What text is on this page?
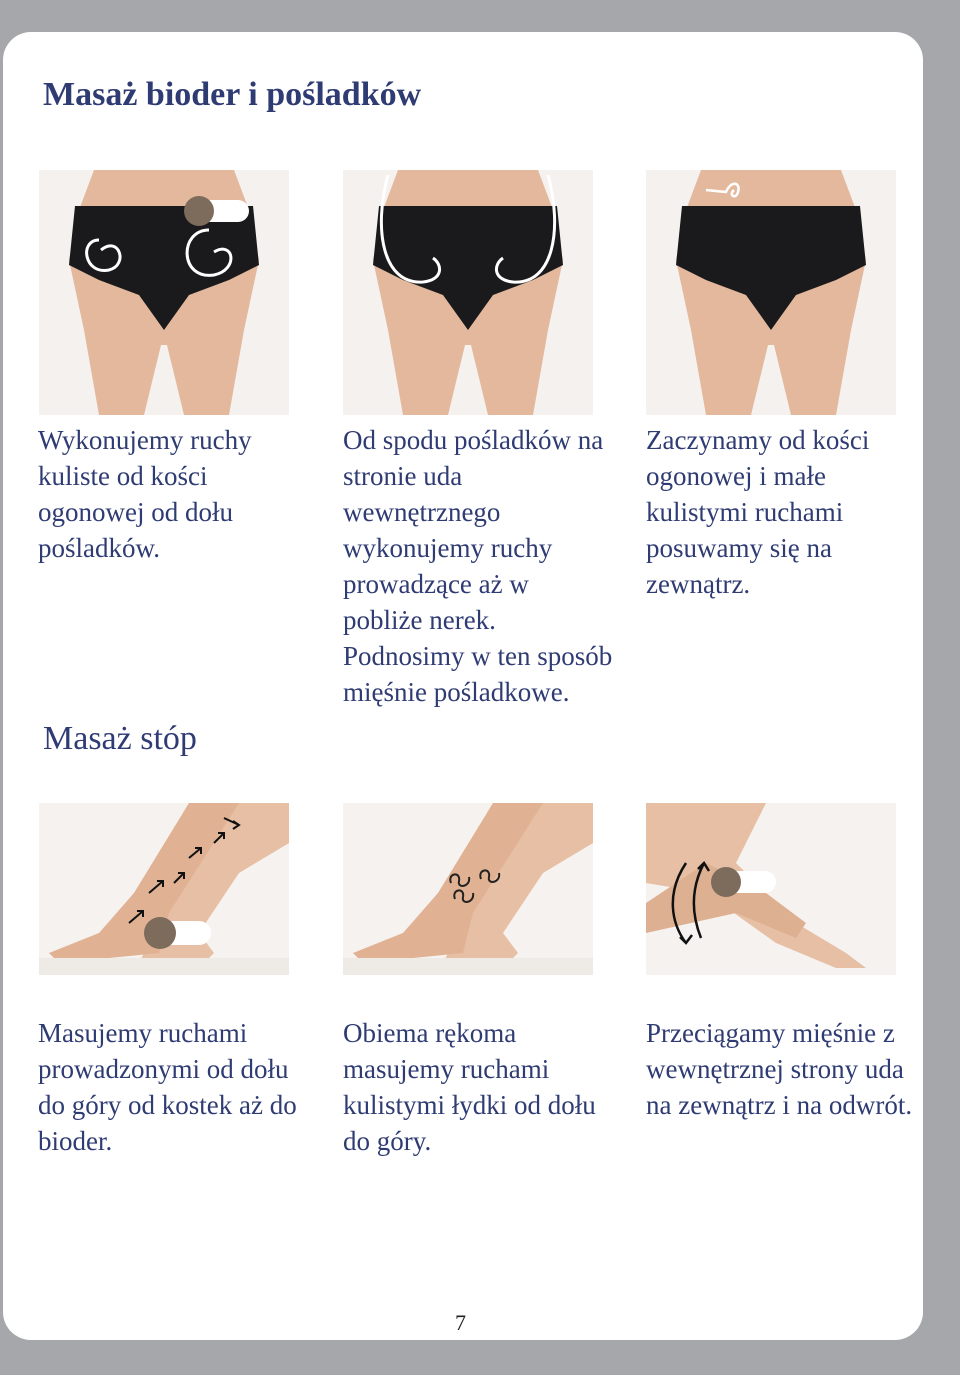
Masaż bioder i pośladków

Wykonujemy ruchy kuliste od kości ogonowej od dołu pośladków.

Od spodu pośladków na stronie uda wewnętrznego wykonujemy ruchy prowadzące aż w pobliże nerek. Podnosimy w ten sposób mięśnie pośladkowe.

Zaczynamy od kości ogonowej i małe kulistymi ruchami posuwamy się na zewnątrz.

Masaż stóp

Masujemy ruchami prowadzonymi od dołu do góry od kostek aż do bioder.

Obiema rękoma masujemy ruchami kulistymi łydki od dołu do góry.

Przeciągamy mięśnie z wewnętrznej strony uda na zewnątrz i na odwrót.

7
